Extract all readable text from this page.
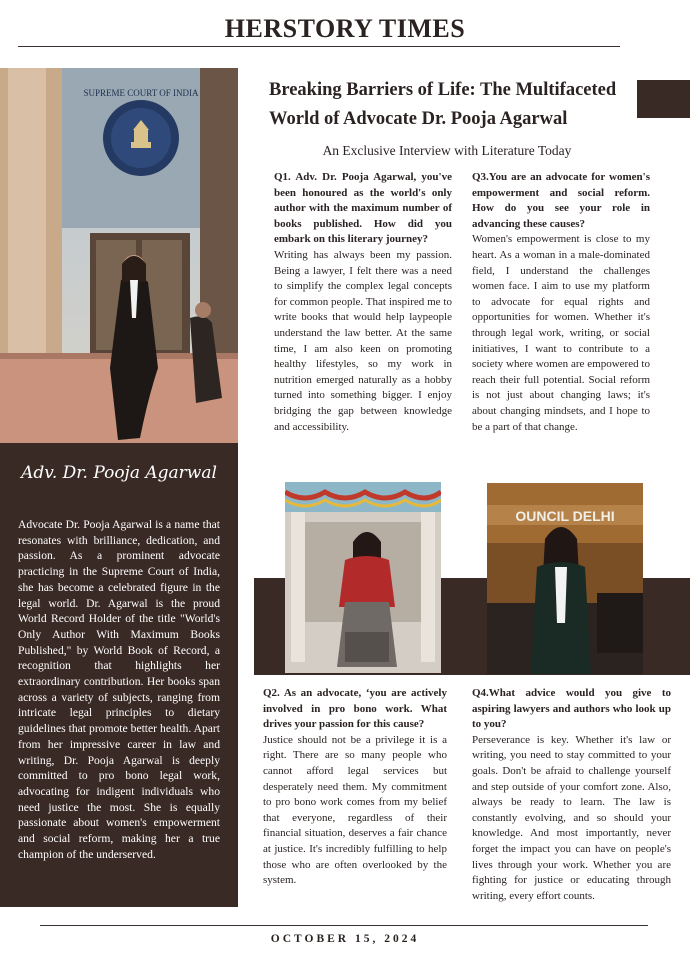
HERSTORY TIMES
SUPREME COURT OF INDIA
Adv. Dr. Pooja Agarwal
Advocate Dr. Pooja Agarwal is a name that resonates with brilliance, dedication, and passion. As a prominent advocate practicing in the Supreme Court of India, she has become a celebrated figure in the legal world. Dr. Agarwal is the proud World Record Holder of the title "World's Only Author With Maximum Books Published," by World Book of Record, a recognition that highlights her extraordinary contribution. Her books span across a variety of subjects, ranging from intricate legal principles to dietary guidelines that promote better health. Apart from her impressive career in law and writing, Dr. Pooja Agarwal is deeply committed to pro bono legal work, advocating for indigent individuals who need justice the most. She is equally passionate about women's empowerment and social reform, making her a true champion of the underserved.
Breaking Barriers of Life: The Multifaceted World of Advocate Dr. Pooja Agarwal
An Exclusive Interview with Literature Today
Q1. Adv. Dr. Pooja Agarwal, you've been honoured as the world's only author with the maximum number of books published. How did you embark on this literary journey?
Writing has always been my passion. Being a lawyer, I felt there was a need to simplify the complex legal concepts for common people. That inspired me to write books that would help laypeople understand the law better. At the same time, I am also keen on promoting healthy lifestyles, so my work in nutrition emerged naturally as a hobby turned into something bigger. I enjoy bridging the gap between knowledge and accessibility.
Q3.You are an advocate for women's empowerment and social reform. How do you see your role in advancing these causes?
Women's empowerment is close to my heart. As a woman in a male-dominated field, I understand the challenges women face. I aim to use my platform to advocate for equal rights and opportunities for women. Whether it's through legal work, writing, or social initiatives, I want to contribute to a society where women are empowered to reach their full potential. Social reform is not just about changing laws; it's about changing mindsets, and I hope to be a part of that change.
OUNCIL DELHI
Q2. As an advocate, ‘you are actively involved in pro bono work. What drives your passion for this cause?
Justice should not be a privilege it is a right. There are so many people who cannot afford legal services but desperately need them. My commitment to pro bono work comes from my belief that everyone, regardless of their financial situation, deserves a fair chance at justice. It's incredibly fulfilling to help those who are often overlooked by the system.
Q4.What advice would you give to aspiring lawyers and authors who look up to you?
Perseverance is key. Whether it's law or writing, you need to stay committed to your goals. Don't be afraid to challenge yourself and step outside of your comfort zone. Also, always be ready to learn. The law is constantly evolving, and so should your knowledge. And most importantly, never forget the impact you can have on people's lives through your work. Whether you are fighting for justice or educating through writing, every effort counts.
OCTOBER 15, 2024
